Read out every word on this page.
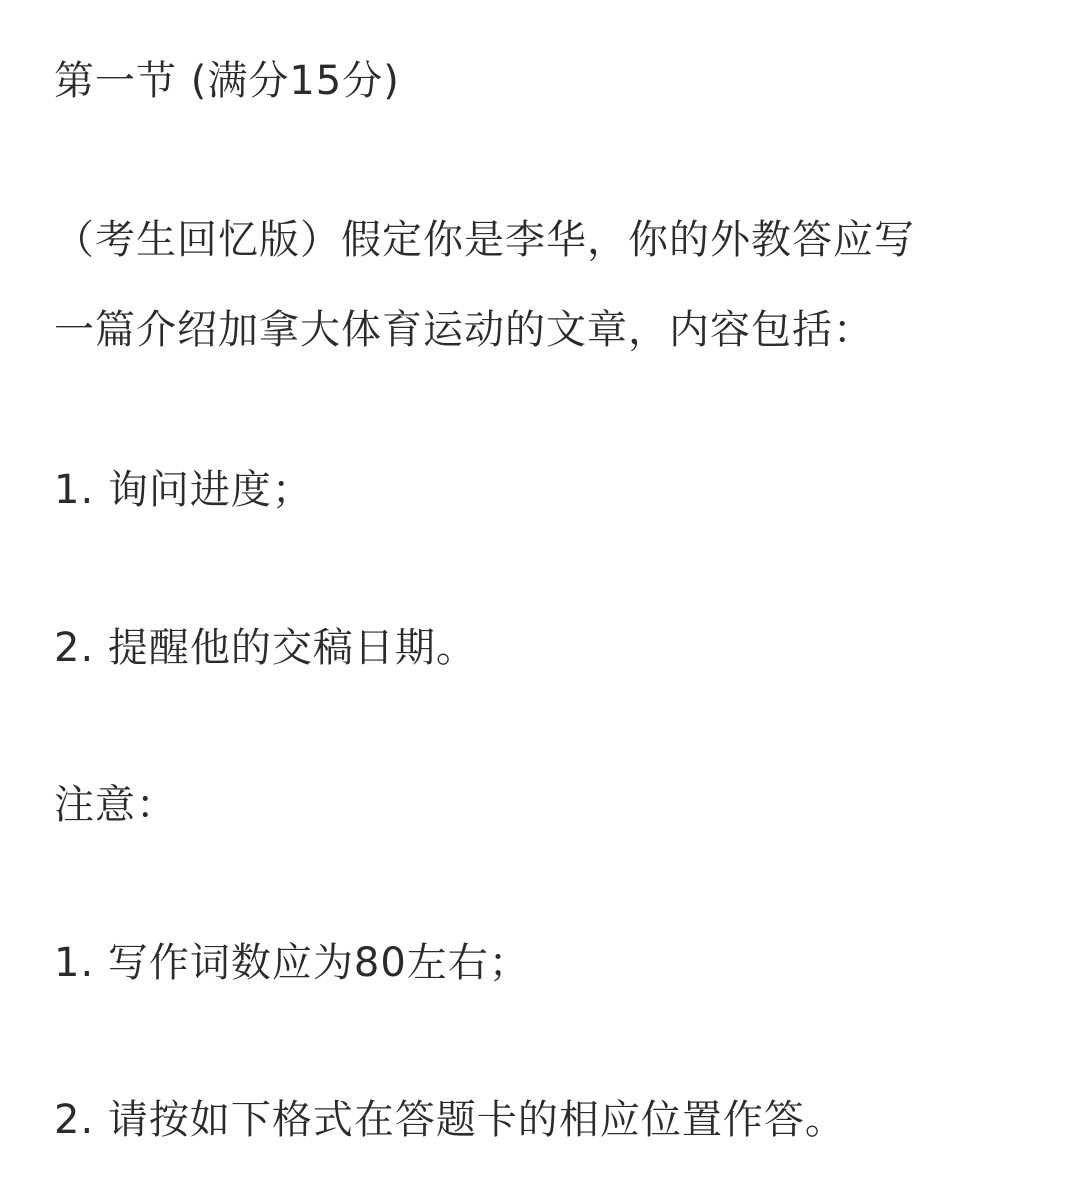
第一节 (满分15分)
（考生回忆版）假定你是李华，你的外教答应写
一篇介绍加拿大体育运动的文章，内容包括：
1. 询问进度；
2. 提醒他的交稿日期。
注意：
1. 写作词数应为80左右；
2. 请按如下格式在答题卡的相应位置作答。
